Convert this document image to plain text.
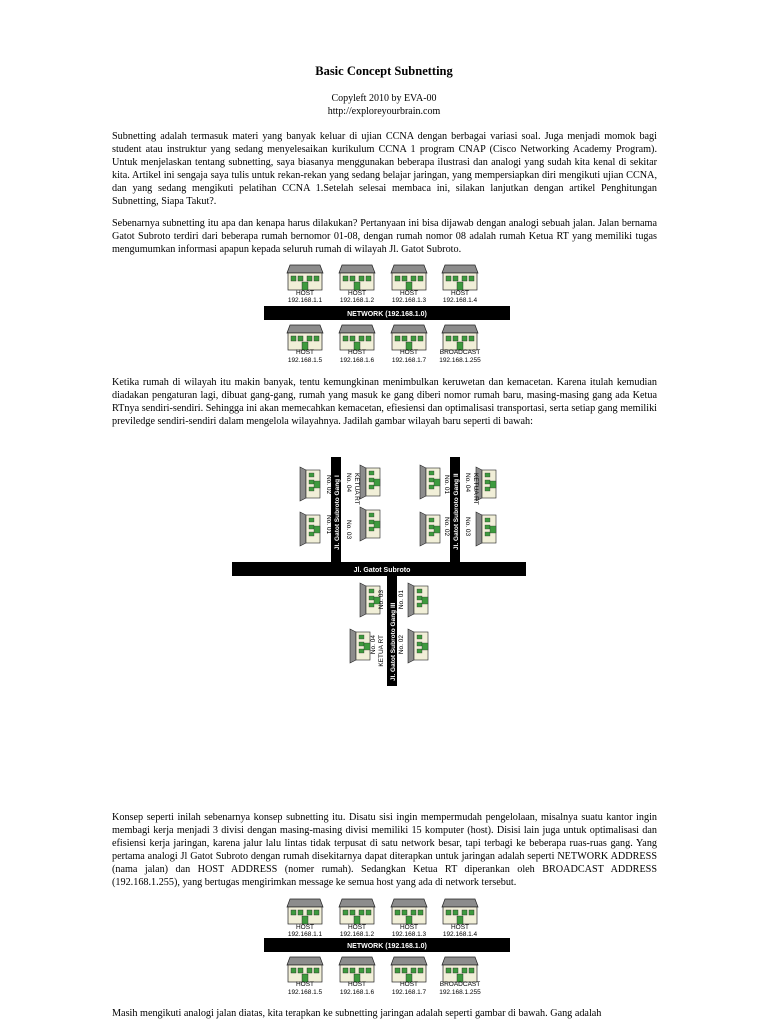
Basic Concept Subnetting
Copyleft 2010 by EVA-00
http://exploreyourbrain.com

Subnetting adalah termasuk materi yang banyak keluar di ujian CCNA dengan berbagai variasi soal. Juga menjadi momok bagi student atau instruktur yang sedang menyelesaikan kurikulum CCNA 1 program CNAP (Cisco Networking Academy Program). Untuk menjelaskan tentang subnetting, saya biasanya menggunakan beberapa ilustrasi dan analogi yang sudah kita kenal di sekitar kita. Artikel ini sengaja saya tulis untuk rekan-rekan yang sedang belajar jaringan, yang mempersiapkan diri mengikuti ujian CCNA, dan yang sedang mengikuti pelatihan CCNA 1.Setelah selesai membaca ini, silakan lanjutkan dengan artikel Penghitungan Subnetting, Siapa Takut?.

Sebenarnya subnetting itu apa dan kenapa harus dilakukan? Pertanyaan ini bisa dijawab dengan analogi sebuah jalan. Jalan bernama Gatot Subroto terdiri dari beberapa rumah bernomor 01-08, dengan rumah nomor 08 adalah rumah Ketua RT yang memiliki tugas mengumumkan informasi apapun kepada seluruh rumah di wilayah Jl. Gatot Subroto.

HOST
192.168.1.1
HOST
192.168.1.2
HOST
192.168.1.3
HOST
192.168.1.4
NETWORK (192.168.1.0)
HOST
192.168.1.5
HOST
192.168.1.6
HOST
192.168.1.7
BROADCAST
192.168.1.255

Ketika rumah di wilayah itu makin banyak, tentu kemungkinan menimbulkan keruwetan dan kemacetan. Karena itulah kemudian diadakan pengaturan lagi, dibuat gang-gang, rumah yang masuk ke gang diberi nomor rumah baru, masing-masing gang ada Ketua RTnya sendiri-sendiri. Sehingga ini akan memecahkan kemacetan, efiesiensi dan optimalisasi transportasi, serta setiap gang memiliki previledge sendiri-sendiri dalam mengelola wilayahnya. Jadilah gambar wilayah baru seperti di bawah:

Jl. Gatot Subroto Gang I No. 04 KETUA RT
No. 01 No. 03
No. 02	Jl. Gatot Subroto Gang II No. 04 KETUA RT
No. 01
No. 02 No. 03
Jl. Gatot Subroto
Jl. Gatot Subroto Gang III
No. 03
No. 04 KETUA RT
No. 01
No. 02

Konsep seperti inilah sebenarnya konsep subnetting itu. Disatu sisi ingin mempermudah pengelolaan, misalnya suatu kantor ingin membagi kerja menjadi 3 divisi dengan masing-masing divisi memiliki 15 komputer (host). Disisi lain juga untuk optimalisasi dan efisiensi kerja jaringan, karena jalur lalu lintas tidak terpusat di satu network besar, tapi terbagi ke beberapa ruas-ruas gang. Yang pertama analogi Jl Gatot Subroto dengan rumah disekitarnya dapat diterapkan untuk jaringan adalah seperti NETWORK ADDRESS (nama jalan) dan HOST ADDRESS (nomer rumah). Sedangkan Ketua RT diperankan oleh BROADCAST ADDRESS (192.168.1.255), yang bertugas mengirimkan message ke semua host yang ada di network tersebut.

HOST
192.168.1.1
HOST
192.168.1.2
HOST
192.168.1.3
HOST
192.168.1.4
NETWORK (192.168.1.0)
HOST
192.168.1.5
HOST
192.168.1.6
HOST
192.168.1.7
BROADCAST
192.168.1.255

Masih mengikuti analogi jalan diatas, kita terapkan ke subnetting jaringan adalah seperti gambar di bawah. Gang adalah
